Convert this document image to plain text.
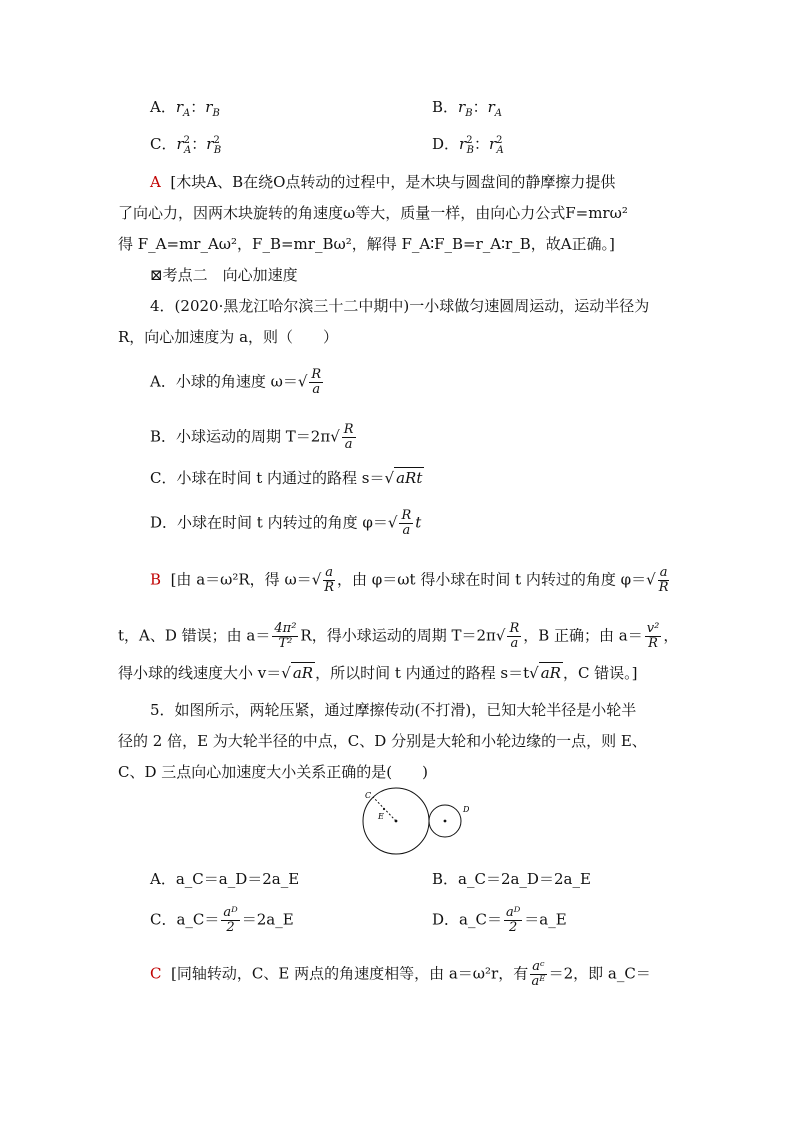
A．$r_A$：$r_B$	B．$r_B$：$r_A$
C．$r^2_A$：$r^2_B$	D．$r^2_B$：$r^2_A$
A [木块A、B在绕O点转动的过程中，是木块与圆盘间的静摩擦力提供
了向心力，因两木块旋转的角速度ω等大，质量一样，由向心力公式F=mrω²
得 F_A=mr_Aω²，F_B=mr_Bω²，解得 F_A∶F_B=r_A∶r_B，故A正确。]
⊠考点二　向心加速度
4．(2020·黑龙江哈尔滨三十二中期中)一小球做匀速圆周运动，运动半径为
R，向心加速度为 a，则（　　）
A．小球的角速度 $\omega=√ \frac{R}{a}$
B．小球运动的周期 $T=2\pi√ \frac{R}{a}$
C．小球在时间 t 内通过的路程 s＝√ aRt
D．小球在时间 t 内转过的角度 $\varphi=√ \frac{R}{a}$ t
B [由 a＝ω²R，得 $\omega=√ \frac{a}{R}$ ，由 φ＝ωt 得小球在时间 t 内转过的角度 $\varphi=√ \frac{a}{R}$
t，A、D 错误；由 $a= \frac{\text{4π²}}{\text{T²}}$ R，得小球运动的周期 $T=2\pi√ \frac{R}{a}$ ，B 正确；由 $a= \frac{\text{v²}}{R}$ ，
得小球的线速度大小 v＝√ aR ，所以时间 t 内通过的路程 s＝t√ aR ，C 错误。]
5．如图所示，两轮压紧，通过摩擦传动(不打滑)，已知大轮半径是小轮半
径的 2 倍，E 为大轮半径的中点，C、D 分别是大轮和小轮边缘的一点，则 E、
C、D 三点向心加速度大小关系正确的是(　　)
C
E
D
A．a_C＝a_D＝2a_E	B．a_C＝2a_D＝2a_E
C．a_C＝ $\frac{\text{aᴰ}}{2}$ ＝2a_E	D．a_C＝ $\frac{\text{aᴰ}}{2}$ ＝a_E
C [同轴转动，C、E 两点的角速度相等，由 a＝ω²r，有 $\frac{\text{aᶜ}}{\text{aᴱ}} =2$，即 a_C＝
